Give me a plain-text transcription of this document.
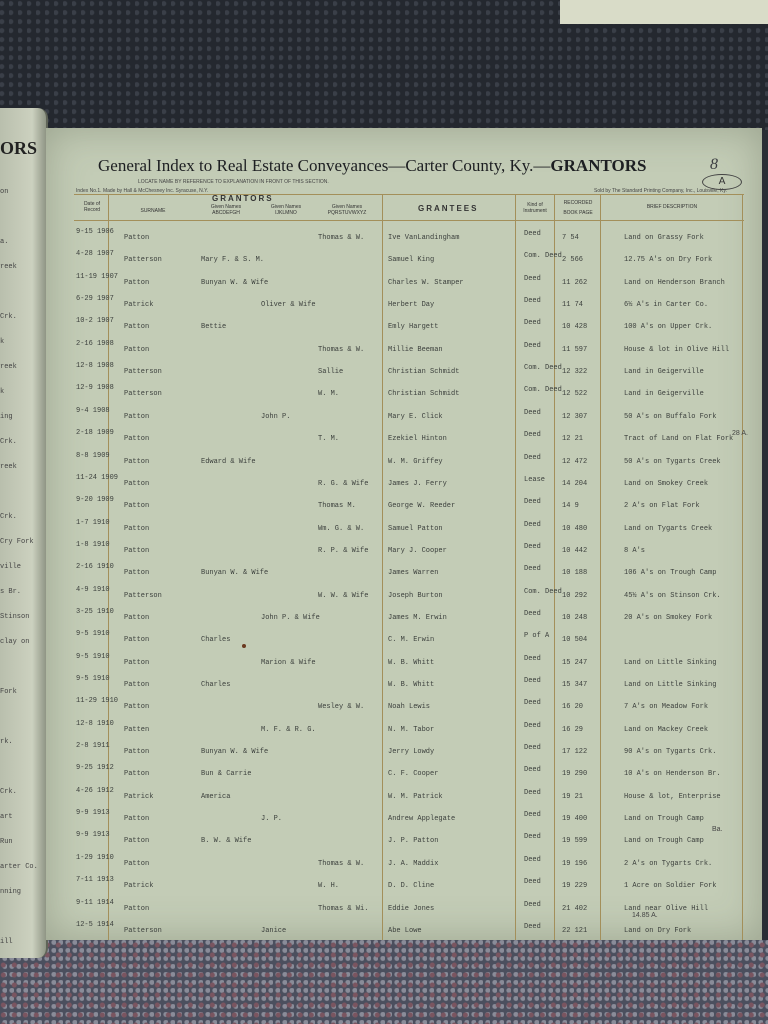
ORS
on
a.
reek
Crk.
k
reek
k
ing
Crk.
reek
Crk.
Cry Fork
ville
s Br.
Stinson
clay on
Fork
rk.
Crk.
art
Run
arter Co.
nning
ill
General Index to Real Estate Conveyances—Carter County, Ky.—GRANTORS	8
A
LOCATE NAME BY REFERENCE TO EXPLANATION IN FRONT OF THIS SECTION.
Index No.1. Made by Hall & McChesney Inc. Syracuse, N.Y.	Sold by The Standard Printing Company, Inc., Louisville, Ky.
Date of Record
GRANTORS
SURNAME
Given Names
ABCDEFGH
Given Names
IJKLMNO
Given Names
PQRSTUVWXYZ	GRANTEES	Kind of Instrument
RECORDED
BOOK PAGE
BRIEF DESCRIPTION
9-15 1906
Patton	Thomas & W.	Ive VanLandingham	Deed	7 54	Land on Grassy Fork
4-28 1907
Patterson	Mary F. & S. M.	Samuel King	Com. Deed 2 566	12.75 A's on Dry Fork
11-19 1907
Patton	Bunyan W. & Wife	Charles W. Stamper	Deed	11 262	Land on Henderson Branch
6-29 1907
Patrick	Oliver & Wife	Herbert Day	Deed	11 74	6½ A's in Carter Co.
10-2 1907
Patton	Bettie	Emly Hargett	Deed	10 428	100 A's on Upper Crk.
2-16 1908
Patton	Thomas & W.	Millie Beeman	Deed	11 597	House & lot in Olive Hill
12-8 1908
Patterson	Sallie	Christian Schmidt	Com. Deed 12 322	Land in Geigerville
12-9 1908
Patterson	W. M.	Christian Schmidt	Com. Deed 12 522	Land in Geigerville
9-4 1908
Patton	John P.	Mary E. Click	Deed	12 307	50 A's on Buffalo Fork
2-18 1909
Patton	T. M.	Ezekiel Hinton	Deed	12 21	Tract of Land on Flat Fork
8-8 1909
Patton	Edward & Wife	W. M. Griffey	Deed	12 472	50 A's on Tygarts Creek
11-24 1909
Patton	R. G. & Wife	James J. Ferry	Lease	14 204	Land on Smokey Creek
9-20 1909
Patton	Thomas M.	George W. Reeder	Deed	14 9	2 A's on Flat Fork
1-7 1910
Patton	Wm. G. & W.	Samuel Patton	Deed	10 480	Land on Tygarts Creek
1-8 1910
Patton	R. P. & Wife	Mary J. Cooper	Deed	10 442	8 A's
2-16 1910
Patton	Bunyan W. & Wife	James Warren	Deed	10 188	106 A's on Trough Camp
4-9 1910
Patterson	W. W. & Wife	Joseph Burton	Com. Deed 10 292	45½ A's on Stinson Crk.
3-25 1910
Patton	John P. & Wife	James M. Erwin	Deed	10 248	20 A's on Smokey Fork
9-5 1910
Patton	Charles	C. M. Erwin	P of A	10 504
9-5 1910
Patton	Marion & Wife	W. B. Whitt	Deed	15 247	Land on Little Sinking
9-5 1910
Patton	Charles	W. B. Whitt	Deed	15 347	Land on Little Sinking
11-29 1910
Patton	Wesley & W.	Noah Lewis	Deed	16 20	7 A's on Meadow Fork
12-8 1910
Patten	M. F. & R. G.	N. M. Tabor	Deed	16 29	Land on Mackey Creek
2-8 1911
Patton	Bunyan W. & Wife	Jerry Lowdy	Deed	17 122	90 A's on Tygarts Crk.
9-25 1912
Patton	Bun & Carrie	C. F. Cooper	Deed	19 290	10 A's on Henderson Br.
4-26 1912
Patrick	America	W. M. Patrick	Deed	19 21	House & lot, Enterprise
9-9 1913
Patton	J. P.	Andrew Applegate	Deed	19 400	Land on Trough Camp
9-9 1913
Patton	B. W. & Wife	J. P. Patton	Deed	19 599	Land on Trough Camp
1-29 1910
Patton	Thomas & W.	J. A. Maddix	Deed	19 196	2 A's on Tygarts Crk.
7-11 1913
Patrick	W. H.	D. D. Cline	Deed	19 229	1 Acre on Soldier Fork
9-11 1914
Patton	Thomas & Wi.	Eddie Jones	Deed	21 402	Land near Olive Hill
12-5 1914
Patterson	Janice	Abe Lowe	Deed	22 121	Land on Dry Fork
28 A.
Ba.
14.85 A.
